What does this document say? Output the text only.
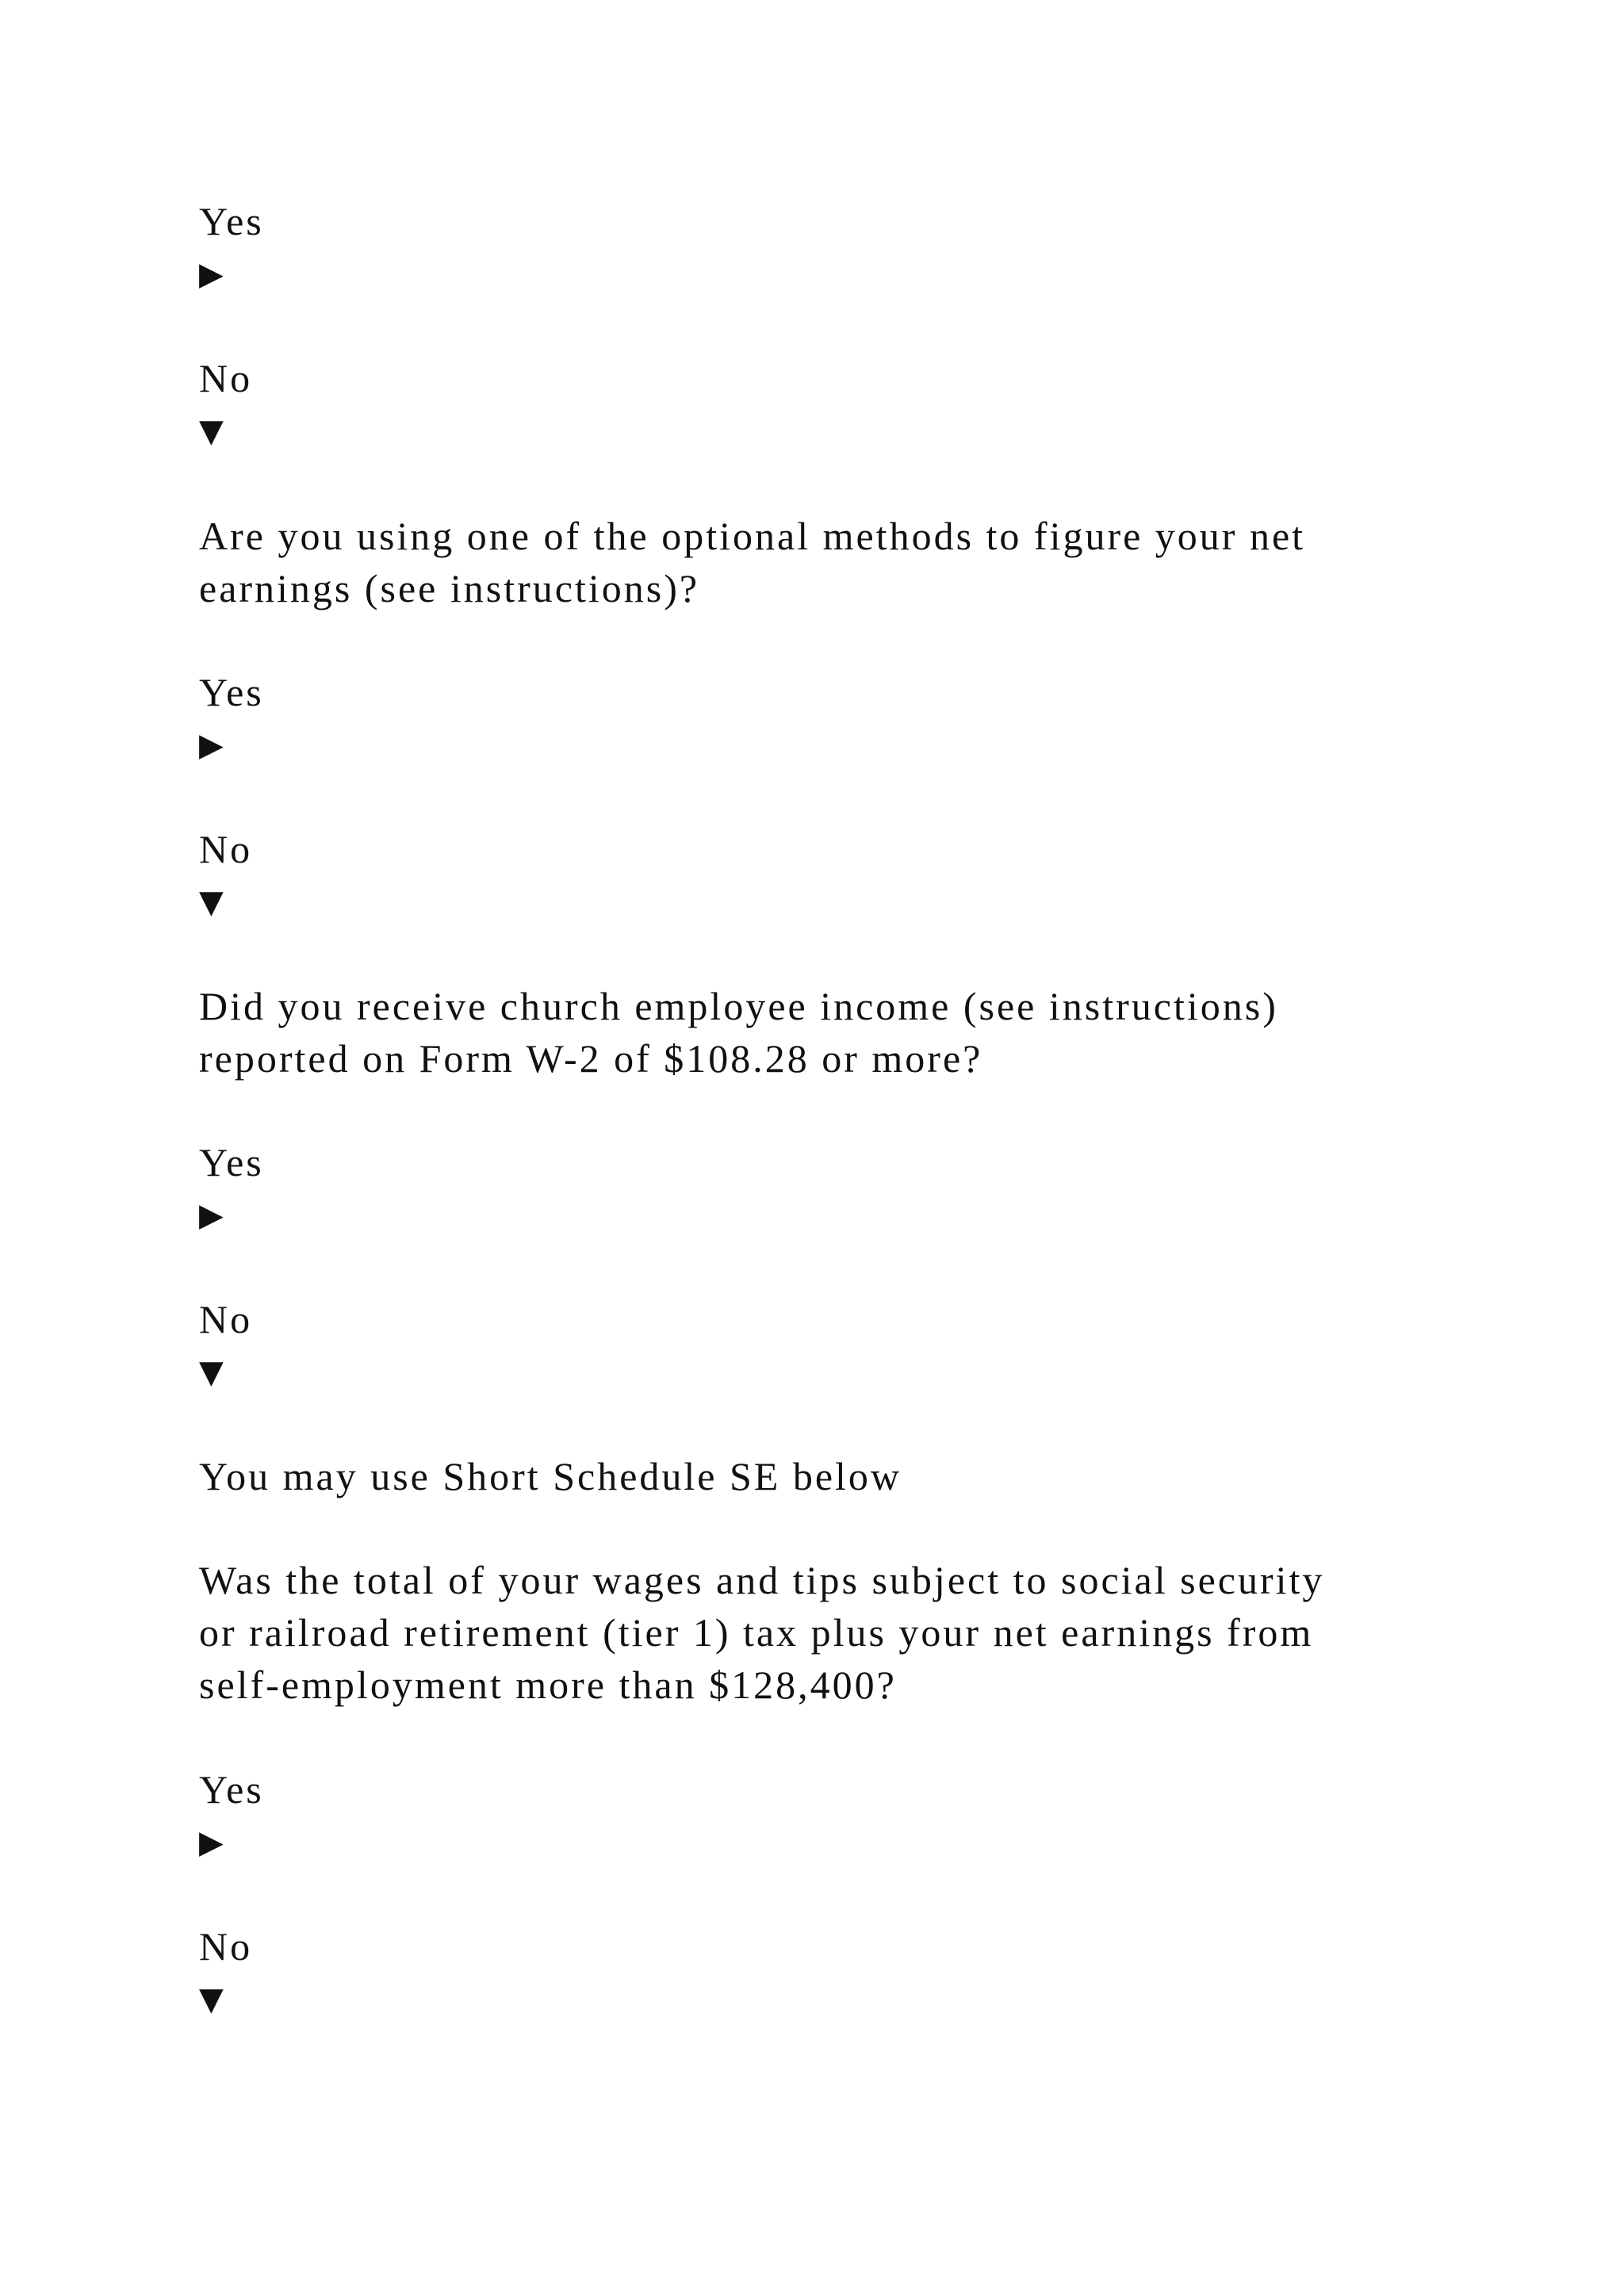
Yes

▶

No

▼

Are you using one of the optional methods to figure your net

earnings (see instructions)?

Yes

▶

No

▼

Did you receive church employee income (see instructions)

reported on Form W-2 of $108.28 or more?

Yes

▶

No

▼

You may use Short Schedule SE below

Was the total of your wages and tips subject to social security

or railroad retirement (tier 1) tax plus your net earnings from

self-employment more than $128,400?

Yes

▶

No

▼
